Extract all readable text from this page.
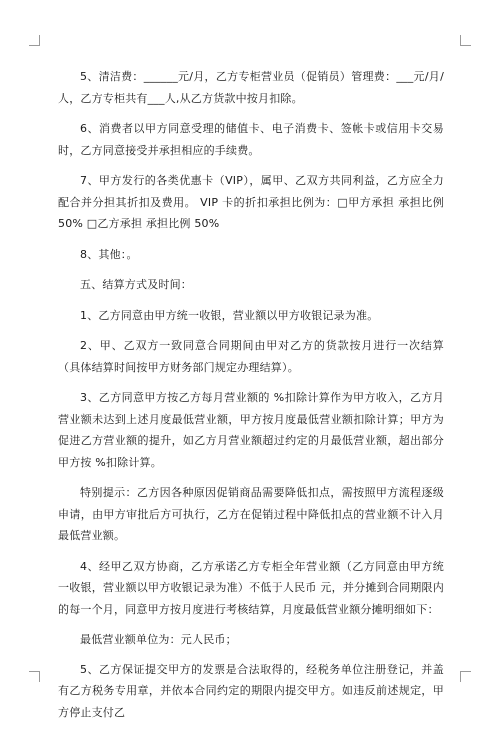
5、清洁费：______元/月，乙方专柜营业员（促销员）管理费：___元/月/人，乙方专柜共有___人,从乙方货款中按月扣除。

6、消费者以甲方同意受理的储值卡、电子消费卡、签帐卡或信用卡交易时，乙方同意接受并承担相应的手续费。

7、甲方发行的各类优惠卡（VIP），属甲、乙双方共同利益，乙方应全力配合并分担其折扣及费用。 VIP 卡的折扣承担比例为：□甲方承担 承担比例 50% □乙方承担 承担比例 50%

8、其他：。

五、结算方式及时间：

1、乙方同意由甲方统一收银，营业额以甲方收银记录为准。

2、甲、乙双方一致同意合同期间由甲对乙方的货款按月进行一次结算（具体结算时间按甲方财务部门规定办理结算）。

3、乙方同意甲方按乙方每月营业额的 %扣除计算作为甲方收入，乙方月营业额未达到上述月度最低营业额，甲方按月度最低营业额扣除计算；甲方为促进乙方营业额的提升，如乙方月营业额超过约定的月最低营业额，超出部分甲方按 %扣除计算。

特别提示：乙方因各种原因促销商品需要降低扣点，需按照甲方流程逐级申请，由甲方审批后方可执行，乙方在促销过程中降低扣点的营业额不计入月最低营业额。

4、经甲乙双方协商，乙方承诺乙方专柜全年营业额（乙方同意由甲方统一收银，营业额以甲方收银记录为准）不低于人民币 元，并分摊到合同期限内的每一个月，同意甲方按月度进行考核结算，月度最低营业额分摊明细如下：

最低营业额单位为：元人民币；

5、乙方保证提交甲方的发票是合法取得的，经税务单位注册登记，并盖有乙方税务专用章，并依本合同约定的期限内提交甲方。如违反前述规定，甲方停止支付乙
